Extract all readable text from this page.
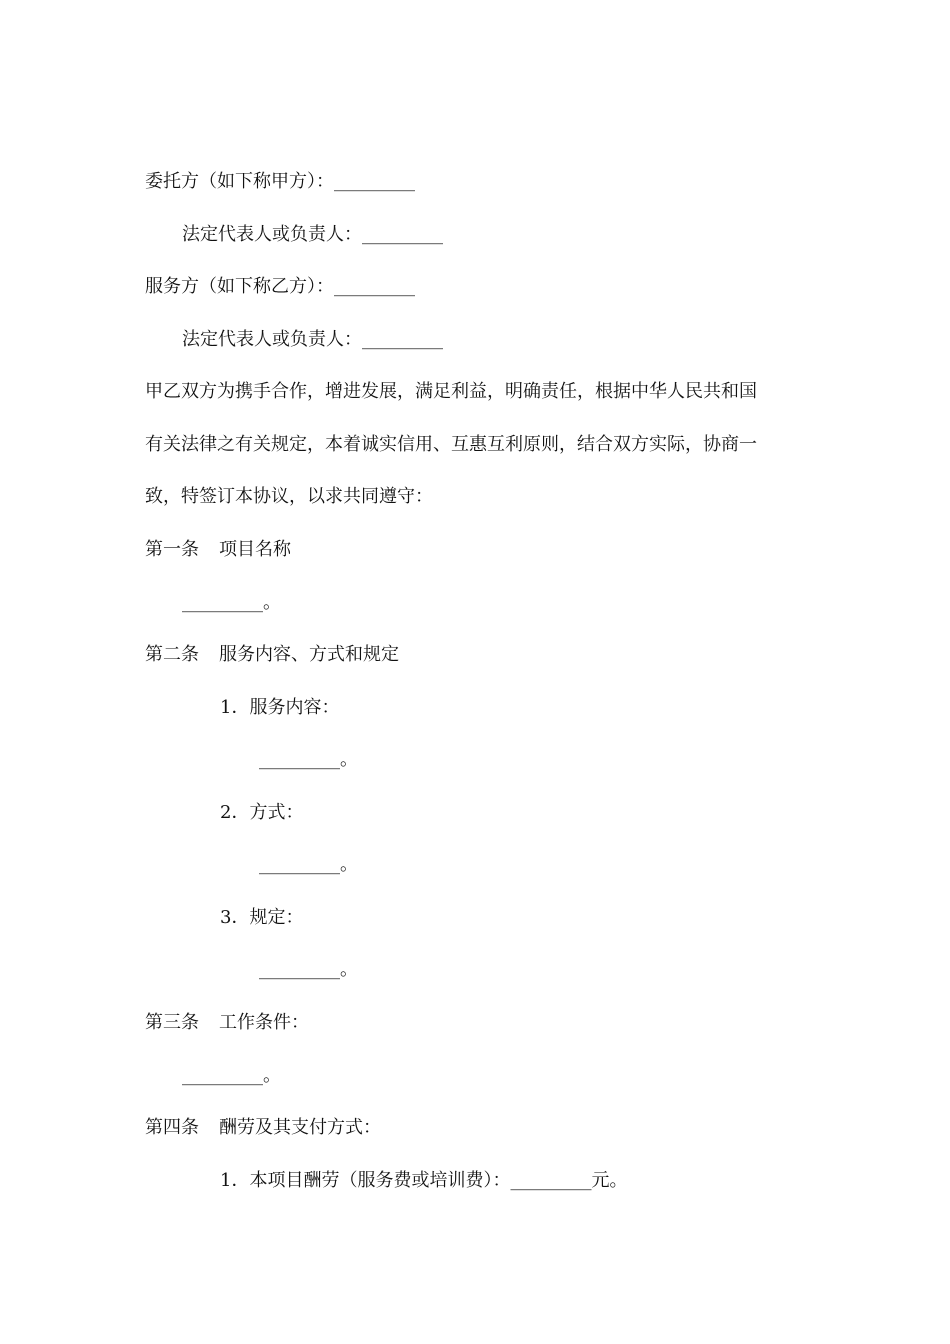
委托方（如下称甲方）：_________
法定代表人或负责人：_________
服务方（如下称乙方）：_________
法定代表人或负责人：_________
甲乙双方为携手合作，增进发展，满足利益，明确责任，根据中华人民共和国
有关法律之有关规定，本着诚实信用、互惠互利原则，结合双方实际，协商一
致，特签订本协议，以求共同遵守：
第一条 项目名称
_________。
第二条 服务内容、方式和规定
1．服务内容：
_________。
2．方式：
_________。
3．规定：
_________。
第三条 工作条件：
_________。
第四条 酬劳及其支付方式：
1．本项目酬劳（服务费或培训费）：_________元。
